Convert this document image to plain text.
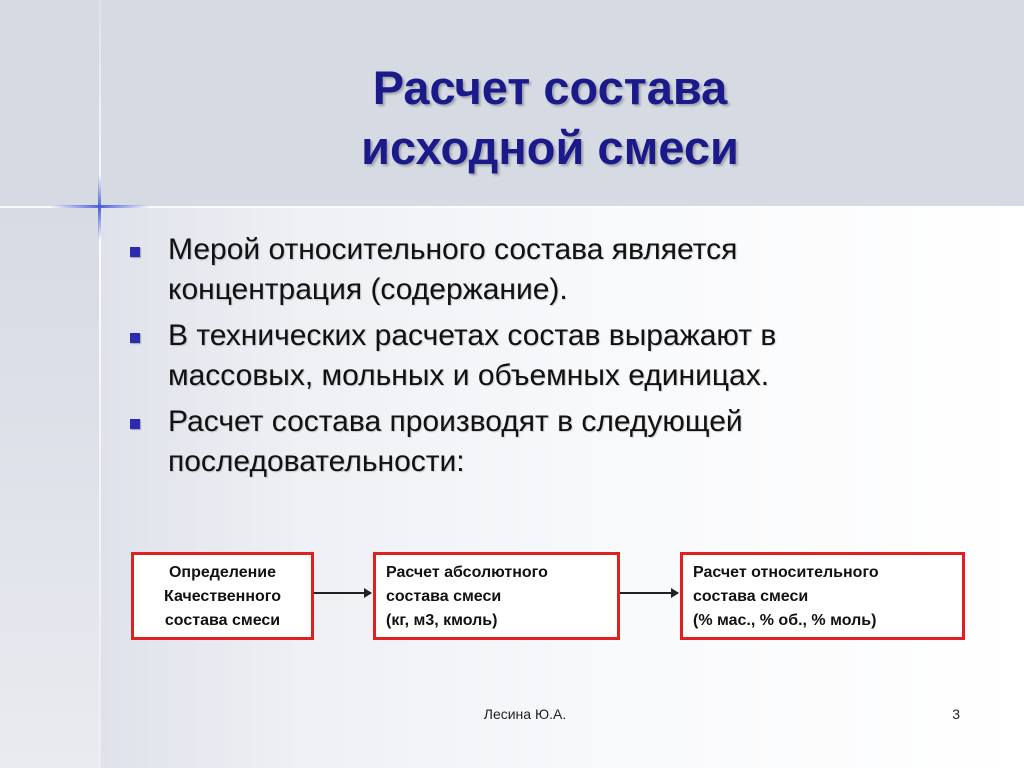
Расчет состава
исходной смеси
Мерой относительного состава является концентрация (содержание).
В технических расчетах состав выражают в массовых, мольных и объемных единицах.
Расчет состава производят в следующей последовательности:
Определение
Качественного
состава смеси
Расчет абсолютного
состава смеси
(кг, м3, кмоль)
Расчет относительного
состава смеси
(% мас., % об., % моль)
Лесина Ю.А.	3
